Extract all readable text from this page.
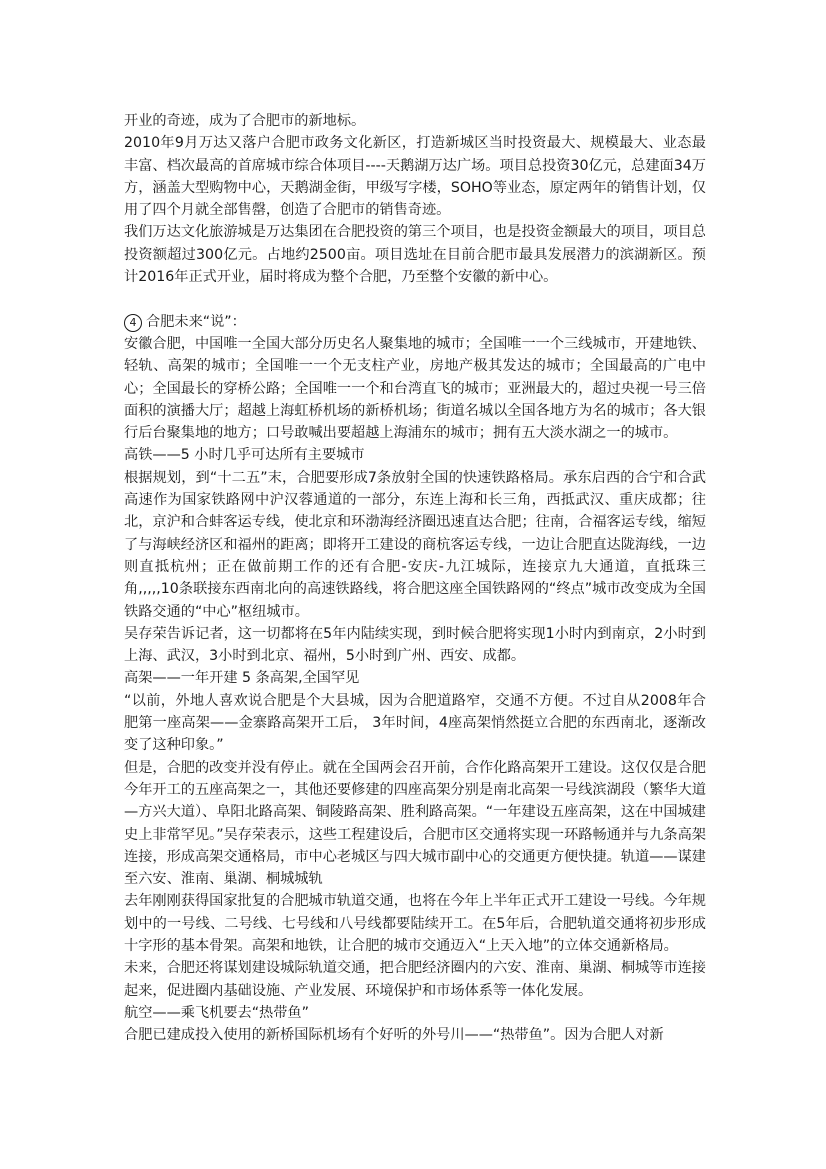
开业的奇迹，成为了合肥市的新地标。

2010年9月万达又落户合肥市政务文化新区，打造新城区当时投资最大、规模最大、业态最丰富、档次最高的首席城市综合体项目----天鹅湖万达广场。项目总投资30亿元，总建面34万方，涵盖大型购物中心，天鹅湖金街，甲级写字楼，SOHO等业态，原定两年的销售计划，仅用了四个月就全部售罄，创造了合肥市的销售奇迹。

我们万达文化旅游城是万达集团在合肥投资的第三个项目，也是投资金额最大的项目，项目总投资额超过300亿元。占地约2500亩。项目选址在目前合肥市最具发展潜力的滨湖新区。预计2016年正式开业，届时将成为整个合肥，乃至整个安徽的新中心。

4 合肥未来“说”：

安徽合肥，中国唯一全国大部分历史名人聚集地的城市；全国唯一一个三线城市，开建地铁、轻轨、高架的城市；全国唯一一个无支柱产业，房地产极其发达的城市；全国最高的广电中心；全国最长的穿桥公路；全国唯一一个和台湾直飞的城市；亚洲最大的，超过央视一号三倍面积的演播大厅；超越上海虹桥机场的新桥机场；街道名城以全国各地方为名的城市；各大银行后台聚集地的地方；口号敢喊出要超越上海浦东的城市；拥有五大淡水湖之一的城市。

高铁——5 小时几乎可达所有主要城市

根据规划，到“十二五”末，合肥要形成7条放射全国的快速铁路格局。承东启西的合宁和合武高速作为国家铁路网中沪汉蓉通道的一部分，东连上海和长三角，西抵武汉、重庆成都；往北，京沪和合蚌客运专线，使北京和环渤海经济圈迅速直达合肥；往南，合福客运专线，缩短了与海峡经济区和福州的距离；即将开工建设的商杭客运专线，一边让合肥直达陇海线，一边则直抵杭州；正在做前期工作的还有合肥-安庆-九江城际，连接京九大通道，直抵珠三角,,,,,10条联接东西南北向的高速铁路线，将合肥这座全国铁路网的“终点”城市改变成为全国铁路交通的“中心”枢纽城市。

吴存荣告诉记者，这一切都将在5年内陆续实现，到时候合肥将实现1小时内到南京，2小时到上海、武汉，3小时到北京、福州，5小时到广州、西安、成都。

高架——一年开建 5 条高架,全国罕见

“以前，外地人喜欢说合肥是个大县城，因为合肥道路窄，交通不方便。不过自从2008年合肥第一座高架——金寨路高架开工后， 3年时间，4座高架悄然挺立合肥的东西南北，逐渐改变了这种印象。”

但是，合肥的改变并没有停止。就在全国两会召开前，合作化路高架开工建设。这仅仅是合肥今年开工的五座高架之一，其他还要修建的四座高架分别是南北高架一号线滨湖段（繁华大道—方兴大道）、阜阳北路高架、铜陵路高架、胜利路高架。“一年建设五座高架，这在中国城建史上非常罕见。”吴存荣表示，这些工程建设后，合肥市区交通将实现一环路畅通并与九条高架连接，形成高架交通格局，市中心老城区与四大城市副中心的交通更方便快捷。轨道——谋建至六安、淮南、巢湖、桐城城轨

去年刚刚获得国家批复的合肥城市轨道交通，也将在今年上半年正式开工建设一号线。今年规划中的一号线、二号线、七号线和八号线都要陆续开工。在5年后，合肥轨道交通将初步形成十字形的基本骨架。高架和地铁，让合肥的城市交通迈入“上天入地”的立体交通新格局。

未来，合肥还将谋划建设城际轨道交通，把合肥经济圈内的六安、淮南、巢湖、桐城等市连接起来，促进圈内基础设施、产业发展、环境保护和市场体系等一体化发展。

航空——乘飞机要去“热带鱼”

合肥已建成投入使用的新桥国际机场有个好听的外号川——“热带鱼”。因为合肥人对新
